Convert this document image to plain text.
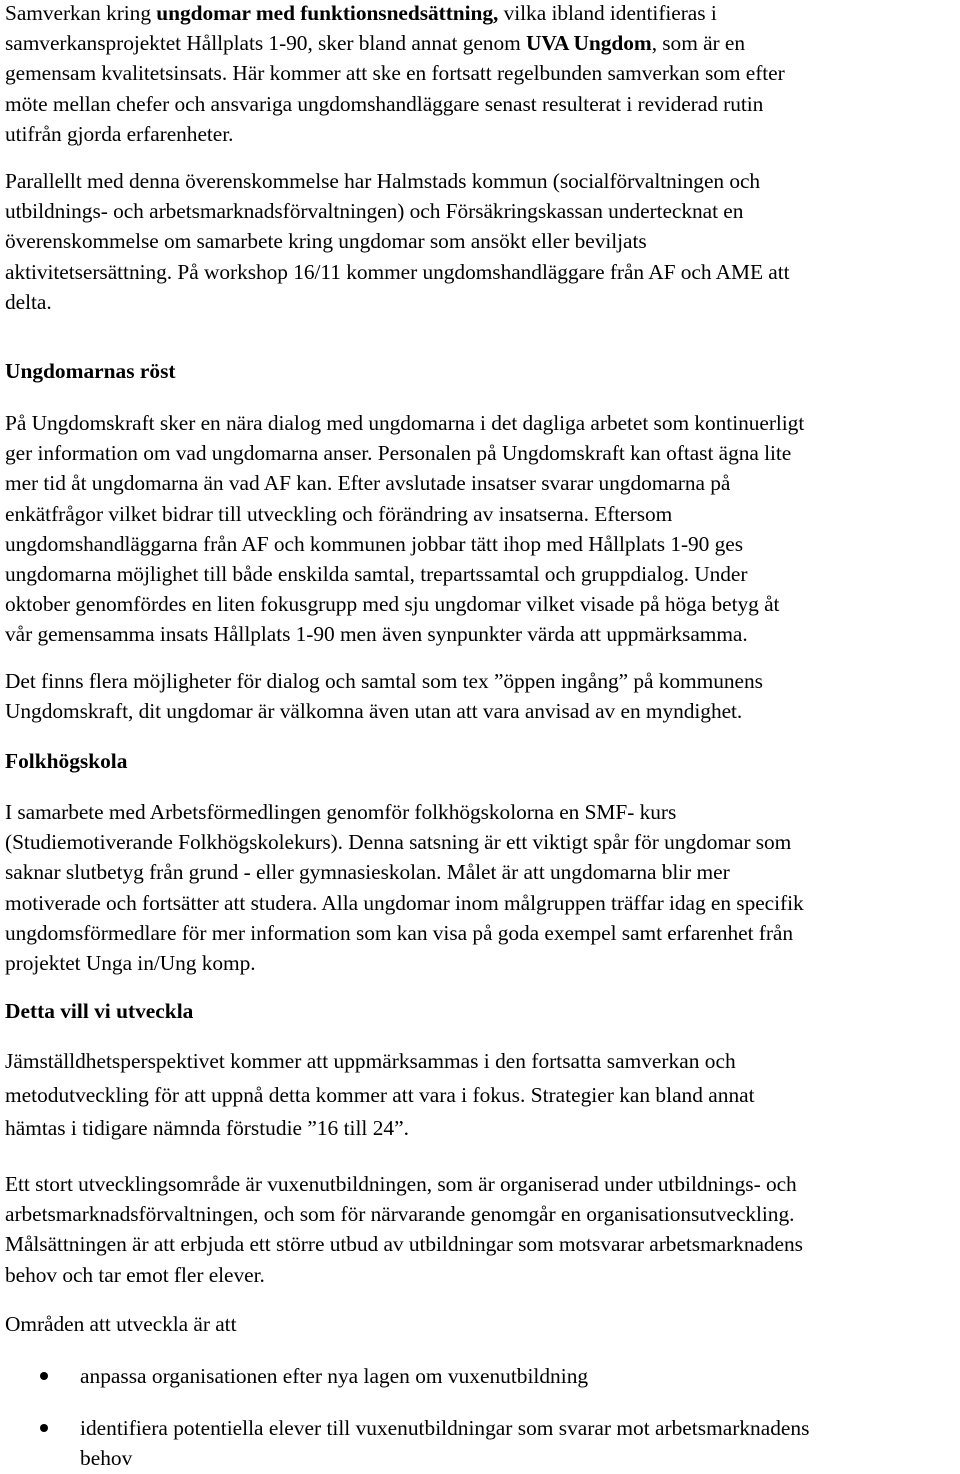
Samverkan kring ungdomar med funktionsnedsättning, vilka ibland identifieras i
samverkansprojektet Hållplats 1-90, sker bland annat genom UVA Ungdom, som är en
gemensam kvalitetsinsats. Här kommer att ske en fortsatt regelbunden samverkan som efter
möte mellan chefer och ansvariga ungdomshandläggare senast resulterat i reviderad rutin
utifrån gjorda erfarenheter.

Parallellt med denna överenskommelse har Halmstads kommun (socialförvaltningen och
utbildnings- och arbetsmarknadsförvaltningen) och Försäkringskassan undertecknat en
överenskommelse om samarbete kring ungdomar som ansökt eller beviljats
aktivitetsersättning. På workshop 16/11 kommer ungdomshandläggare från AF och AME att
delta.

Ungdomarnas röst

På Ungdomskraft sker en nära dialog med ungdomarna i det dagliga arbetet som kontinuerligt
ger information om vad ungdomarna anser. Personalen på Ungdomskraft kan oftast ägna lite
mer tid åt ungdomarna än vad AF kan. Efter avslutade insatser svarar ungdomarna på
enkätfrågor vilket bidrar till utveckling och förändring av insatserna. Eftersom
ungdomshandläggarna från AF och kommunen jobbar tätt ihop med Hållplats 1-90 ges
ungdomarna möjlighet till både enskilda samtal, trepartssamtal och gruppdialog. Under
oktober genomfördes en liten fokusgrupp med sju ungdomar vilket visade på höga betyg åt
vår gemensamma insats Hållplats 1-90 men även synpunkter värda att uppmärksamma.

Det finns flera möjligheter för dialog och samtal som tex ”öppen ingång” på kommunens
Ungdomskraft, dit ungdomar är välkomna även utan att vara anvisad av en myndighet.

Folkhögskola

I samarbete med Arbetsförmedlingen genomför folkhögskolorna en SMF- kurs
(Studiemotiverande Folkhögskolekurs). Denna satsning är ett viktigt spår för ungdomar som
saknar slutbetyg från grund - eller gymnasieskolan. Målet är att ungdomarna blir mer
motiverade och fortsätter att studera. Alla ungdomar inom målgruppen träffar idag en specifik
ungdomsförmedlare för mer information som kan visa på goda exempel samt erfarenhet från
projektet Unga in/Ung komp.

Detta vill vi utveckla

Jämställdhetsperspektivet kommer att uppmärksammas i den fortsatta samverkan och
metodutveckling för att uppnå detta kommer att vara i fokus. Strategier kan bland annat
hämtas i tidigare nämnda förstudie ”16 till 24”.

Ett stort utvecklingsområde är vuxenutbildningen, som är organiserad under utbildnings- och
arbetsmarknadsförvaltningen, och som för närvarande genomgår en organisationsutveckling.
Målsättningen är att erbjuda ett större utbud av utbildningar som motsvarar arbetsmarknadens
behov och tar emot fler elever.

Områden att utveckla är att

anpassa organisationen efter nya lagen om vuxenutbildning
identifiera potentiella elever till vuxenutbildningar som svarar mot arbetsmarknadens
behov
